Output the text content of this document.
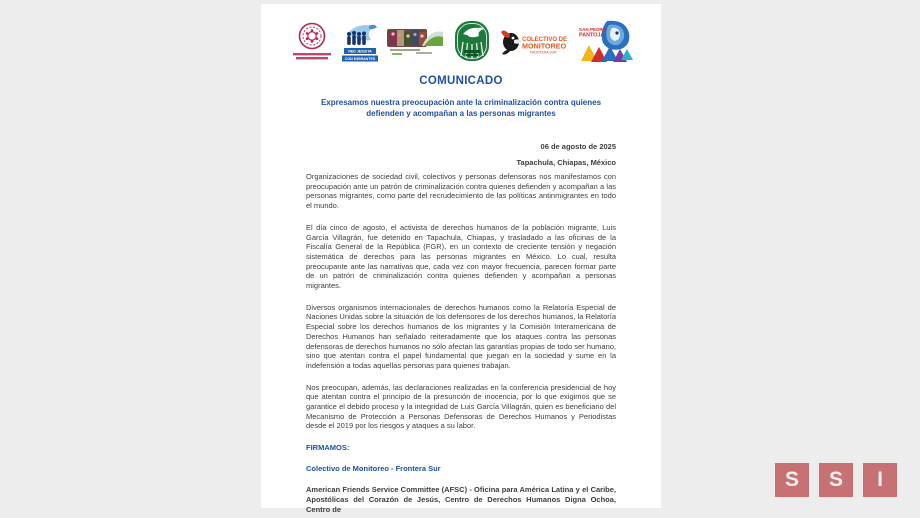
RED JESUITA
CON MIGRANTES
COLECTIVO DE
MONITOREO
FRONTERA SUR
SAN PEDRO
PANTOJA
COMUNICADO
Expresamos nuestra preocupación ante la criminalización contra quienes defienden y acompañan a las personas migrantes

06 de agosto de 2025

Tapachula, Chiapas, México

Organizaciones de sociedad civil, colectivos y personas defensoras nos manifestamos con preocupación ante un patrón de criminalización contra quienes defienden y acompañan a las personas migrantes, como parte del recrudecimiento de las políticas antinmigrantes en todo el mundo.

El día cinco de agosto, el activista de derechos humanos de la población migrante, Luis García Villagrán, fue detenido en Tapachula, Chiapas, y trasladado a las oficinas de la Fiscalía General de la República (FGR), en un contexto de creciente tensión y negación sistemática de derechos para las personas migrantes en México. Lo cual, resulta preocupante ante las narrativas que, cada vez con mayor frecuencia, parecen formar parte de un patrón de criminalización contra quienes defienden y acompañan a personas migrantes.

Diversos organismos internacionales de derechos humanos como la Relatoría Especial de Naciones Unidas sobre la situación de los defensores de los derechos humanos, la Relatoría Especial sobre los derechos humanos de los migrantes y la Comisión Interamericana de Derechos Humanos han señalado reiteradamente que los ataques contra las personas defensoras de derechos humanos no sólo afectan las garantías propias de todo ser humano, sino que atentan contra el papel fundamental que juegan en la sociedad y sume en la indefensión a todas aquellas personas para quienes trabajan.

Nos preocupan, además, las declaraciones realizadas en la conferencia presidencial de hoy que atentan contra el principio de la presunción de inocencia, por lo que exigimos que se garantice el debido proceso y la integridad de Luis García Villagrán, quien es beneficiario del Mecanismo de Protección a Personas Defensoras de Derechos Humanos y Periodistas desde el 2019 por los riesgos y ataques a su labor.

FIRMAMOS:

Colectivo de Monitoreo - Frontera Sur

American Friends Service Committee (AFSC) - Oficina para América Latina y el Caribe, Apostólicas del Corazón de Jesús, Centro de Derechos Humanos Digna Ochoa, Centro de

S	S	I
